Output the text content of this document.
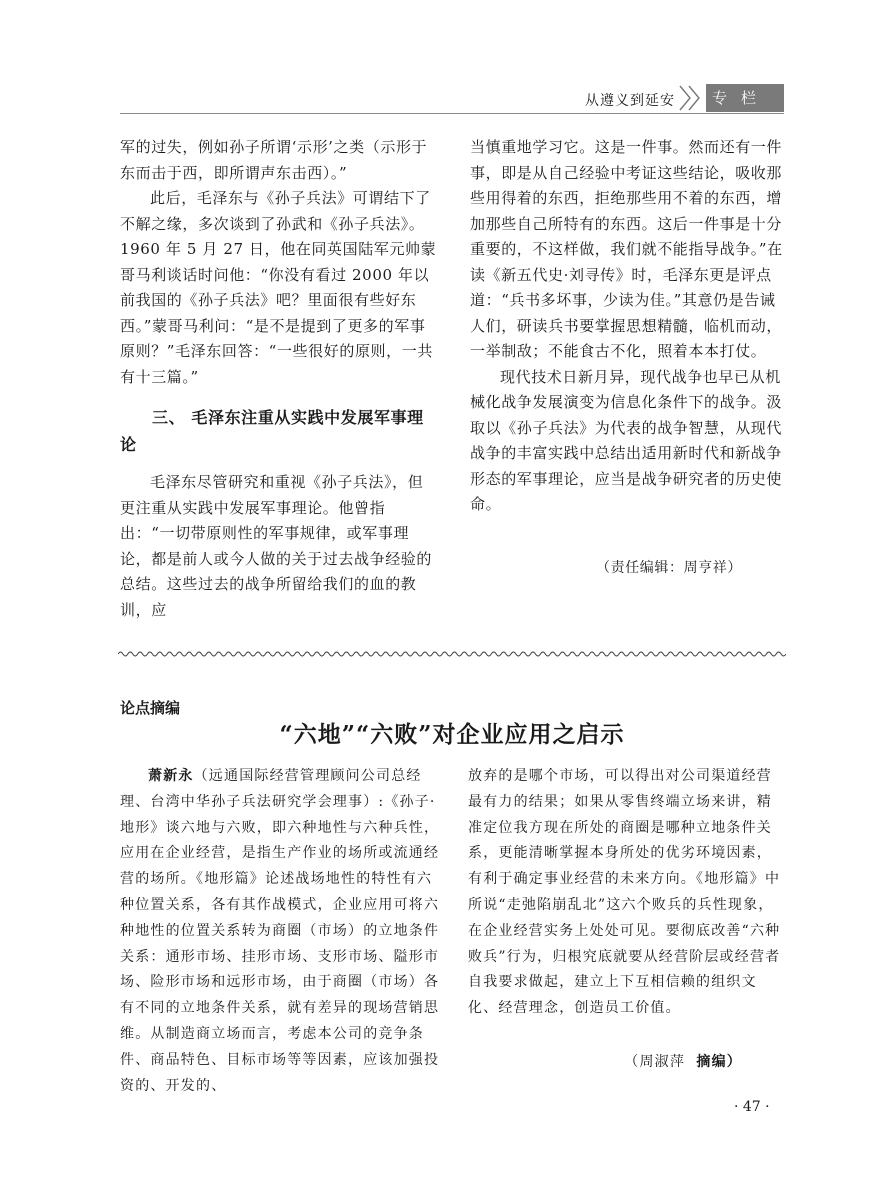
从遵义到延安	专栏

军的过失，例如孙子所谓‘示形’之类（示形于东而击于西，即所谓声东击西）。”

此后，毛泽东与《孙子兵法》可谓结下了不解之缘，多次谈到了孙武和《孙子兵法》。1960 年 5 月 27 日，他在同英国陆军元帅蒙哥马利谈话时问他：“你没有看过 2000 年以前我国的《孙子兵法》吧？里面很有些好东西。”蒙哥马利问：“是不是提到了更多的军事原则？”毛泽东回答：“一些很好的原则，一共有十三篇。”

三、 毛泽东注重从实践中发展军事理论

毛泽东尽管研究和重视《孙子兵法》，但更注重从实践中发展军事理论。他曾指出：“一切带原则性的军事规律，或军事理论，都是前人或今人做的关于过去战争经验的总结。这些过去的战争所留给我们的血的教训，应

当慎重地学习它。这是一件事。然而还有一件事，即是从自己经验中考证这些结论，吸收那些用得着的东西，拒绝那些用不着的东西，增加那些自己所特有的东西。这后一件事是十分重要的，不这样做，我们就不能指导战争。”在读《新五代史·刘寻传》时，毛泽东更是评点道：“兵书多坏事，少读为佳。”其意仍是告诫人们，研读兵书要掌握思想精髓，临机而动，一举制敌；不能食古不化，照着本本打仗。

现代技术日新月异，现代战争也早已从机械化战争发展演变为信息化条件下的战争。汲取以《孙子兵法》为代表的战争智慧，从现代战争的丰富实践中总结出适用新时代和新战争形态的军事理论，应当是战争研究者的历史使命。

（责任编辑：周亨祥）

论点摘编
“六地”“六败”对企业应用之启示

萧新永（远通国际经营管理顾问公司总经理、台湾中华孙子兵法研究学会理事）:《孙子·地形》谈六地与六败，即六种地性与六种兵性，应用在企业经营，是指生产作业的场所或流通经营的场所。《地形篇》论述战场地性的特性有六种位置关系，各有其作战模式，企业应用可将六种地性的位置关系转为商圈（市场）的立地条件关系：通形市场、挂形市场、支形市场、隘形市场、险形市场和远形市场，由于商圈（市场）各有不同的立地条件关系，就有差异的现场营销思维。从制造商立场而言，考虑本公司的竞争条件、商品特色、目标市场等等因素，应该加强投资的、开发的、

放弃的是哪个市场，可以得出对公司渠道经营最有力的结果；如果从零售终端立场来讲，精准定位我方现在所处的商圈是哪种立地条件关系，更能清晰掌握本身所处的优劣环境因素，有利于确定事业经营的未来方向。《地形篇》中所说“走弛陷崩乱北”这六个败兵的兵性现象，在企业经营实务上处处可见。要彻底改善“六种败兵”行为，归根究底就要从经营阶层或经营者自我要求做起，建立上下互相信赖的组织文化、经营理念，创造员工价值。

（周淑萍 摘编）

· 47 ·
